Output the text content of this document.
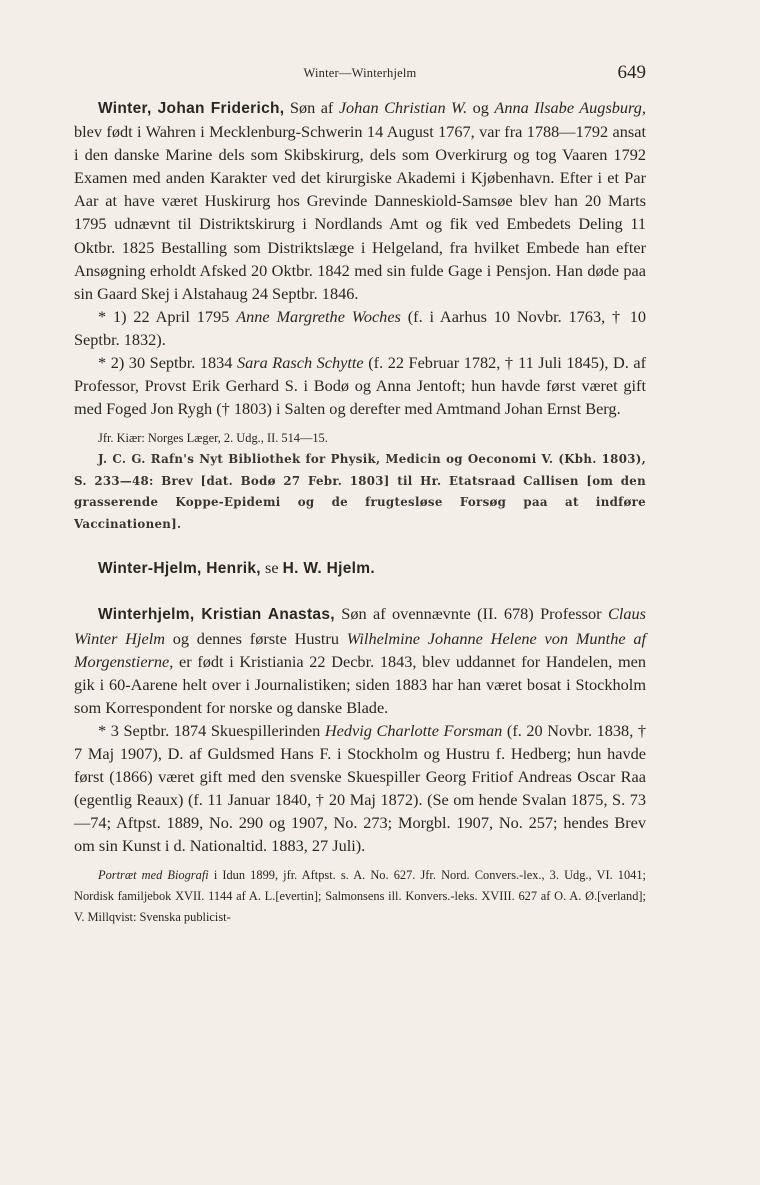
Winter—Winterhjelm	649

Winter, Johan Friderich, Søn af Johan Christian W. og Anna Ilsabe Augsburg, blev født i Wahren i Mecklenburg-Schwerin 14 August 1767, var fra 1788—1792 ansat i den danske Marine dels som Skibskirurg, dels som Overkirurg og tog Vaaren 1792 Examen med anden Karakter ved det kirurgiske Akademi i Kjøbenhavn. Efter i et Par Aar at have været Huskirurg hos Grevinde Danneskiold-Samsøe blev han 20 Marts 1795 udnævnt til Distriktskirurg i Nordlands Amt og fik ved Embedets Deling 11 Oktbr. 1825 Bestalling som Distriktslæge i Helgeland, fra hvilket Embede han efter Ansøgning erholdt Afsked 20 Oktbr. 1842 med sin fulde Gage i Pensjon. Han døde paa sin Gaard Skej i Alstahaug 24 Septbr. 1846.

* 1) 22 April 1795 Anne Margrethe Woches (f. i Aarhus 10 Novbr. 1763, † 10 Septbr. 1832).

* 2) 30 Septbr. 1834 Sara Rasch Schytte (f. 22 Februar 1782, † 11 Juli 1845), D. af Professor, Provst Erik Gerhard S. i Bodø og Anna Jentoft; hun havde først været gift med Foged Jon Rygh († 1803) i Salten og derefter med Amtmand Johan Ernst Berg.

Jfr. Kiær: Norges Læger, 2. Udg., II. 514—15.

J. C. G. Rafn's Nyt Bibliothek for Physik, Medicin og Oeconomi V. (Kbh. 1803), S. 233—48: Brev [dat. Bodø 27 Febr. 1803] til Hr. Etatsraad Callisen [om den grasserende Koppe-Epidemi og de frugtesløse Forsøg paa at indføre Vaccinationen].

Winter-Hjelm, Henrik, se H. W. Hjelm.

Winterhjelm, Kristian Anastas, Søn af ovennævnte (II. 678) Professor Claus Winter Hjelm og dennes første Hustru Wilhelmine Johanne Helene von Munthe af Morgenstierne, er født i Kristiania 22 Decbr. 1843, blev uddannet for Handelen, men gik i 60-Aarene helt over i Journalistiken; siden 1883 har han været bosat i Stockholm som Korrespondent for norske og danske Blade.

* 3 Septbr. 1874 Skuespillerinden Hedvig Charlotte Forsman (f. 20 Novbr. 1838, † 7 Maj 1907), D. af Guldsmed Hans F. i Stockholm og Hustru f. Hedberg; hun havde først (1866) været gift med den svenske Skuespiller Georg Fritiof Andreas Oscar Raa (egentlig Reaux) (f. 11 Januar 1840, † 20 Maj 1872). (Se om hende Svalan 1875, S. 73—74; Aftpst. 1889, No. 290 og 1907, No. 273; Morgbl. 1907, No. 257; hendes Brev om sin Kunst i d. Nationaltid. 1883, 27 Juli).

Portræt med Biografi i Idun 1899, jfr. Aftpst. s. A. No. 627. Jfr. Nord. Convers.-lex., 3. Udg., VI. 1041; Nordisk familjebok XVII. 1144 af A. L.[evertin]; Salmonsens ill. Konvers.-leks. XVIII. 627 af O. A. Ø.[verland]; V. Millqvist: Svenska publicist-
